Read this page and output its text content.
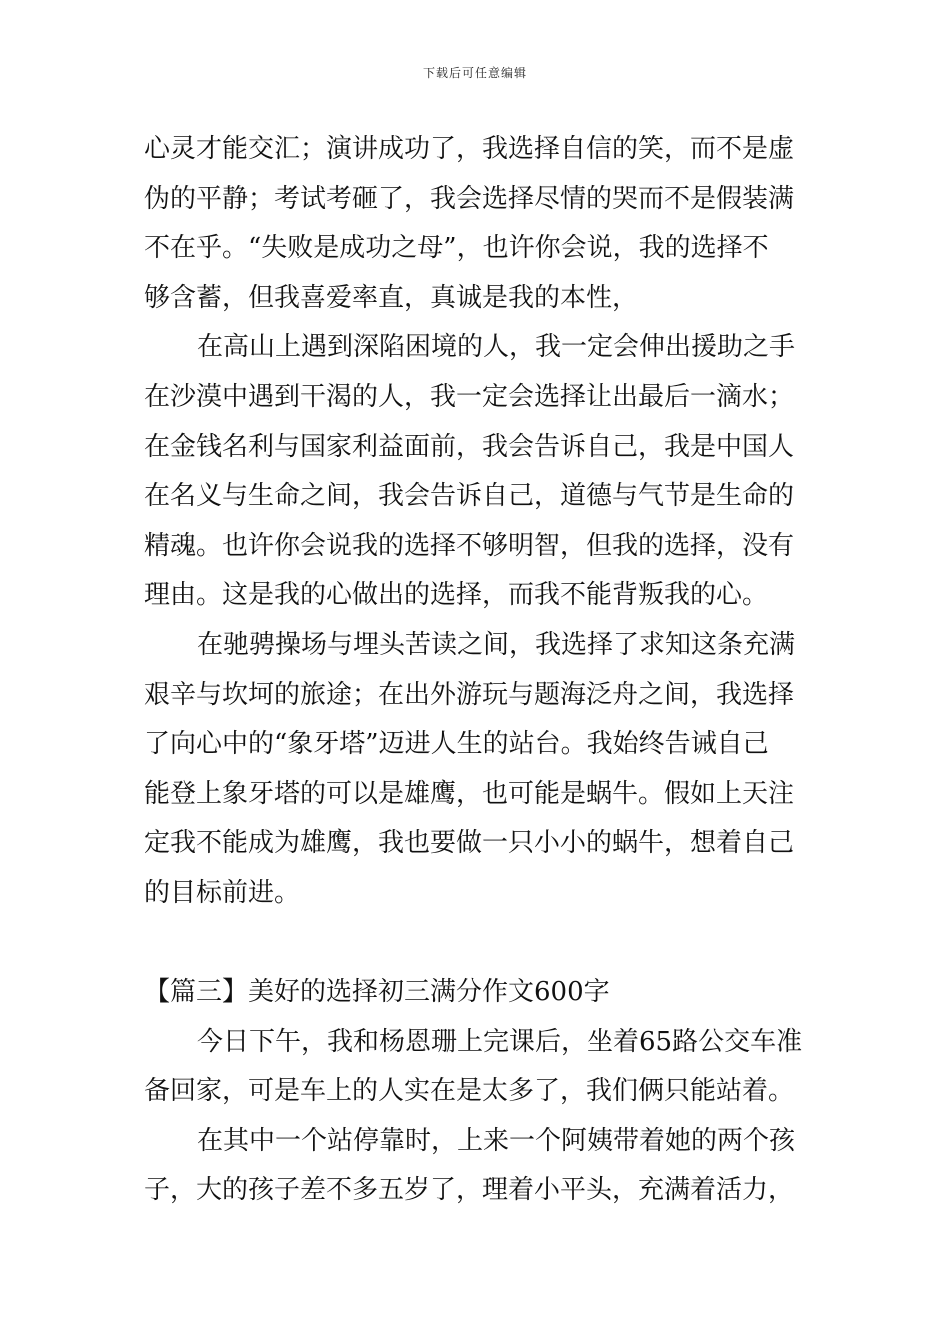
下载后可任意编辑
心灵才能交汇；演讲成功了，我选择自信的笑，而不是虚
伪的平静；考试考砸了，我会选择尽情的哭而不是假装满
不在乎。“失败是成功之母”，也许你会说，我的选择不
够含蓄，但我喜爱率直，真诚是我的本性，
在高山上遇到深陷困境的人，我一定会伸出援助之手
在沙漠中遇到干渴的人，我一定会选择让出最后一滴水；
在金钱名利与国家利益面前，我会告诉自己，我是中国人
在名义与生命之间，我会告诉自己，道德与气节是生命的
精魂。也许你会说我的选择不够明智，但我的选择，没有
理由。这是我的心做出的选择，而我不能背叛我的心。
在驰骋操场与埋头苦读之间，我选择了求知这条充满
艰辛与坎坷的旅途；在出外游玩与题海泛舟之间，我选择
了向心中的“象牙塔”迈进人生的站台。我始终告诫自己
能登上象牙塔的可以是雄鹰，也可能是蜗牛。假如上天注
定我不能成为雄鹰，我也要做一只小小的蜗牛，想着自己
的目标前进。
【篇三】美好的选择初三满分作文600字
今日下午，我和杨恩珊上完课后，坐着65路公交车准
备回家，可是车上的人实在是太多了，我们俩只能站着。
在其中一个站停靠时，上来一个阿姨带着她的两个孩
子，大的孩子差不多五岁了，理着小平头，充满着活力，
